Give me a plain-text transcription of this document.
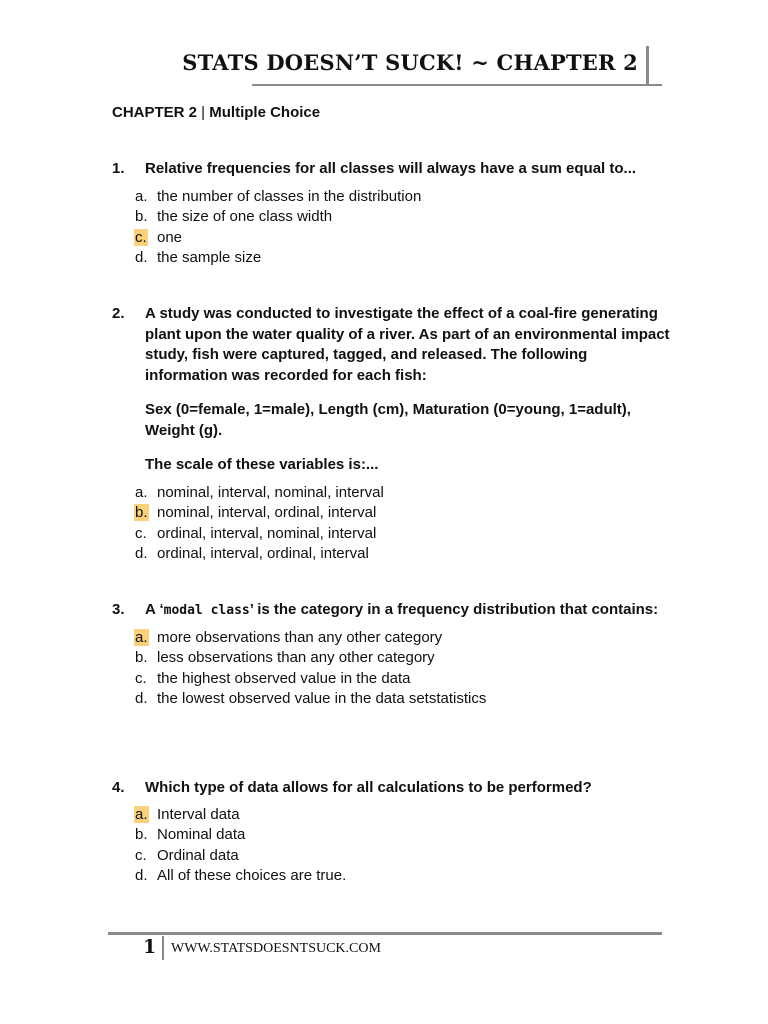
STATS DOESN’T SUCK! ~ CHAPTER 2
CHAPTER 2 | Multiple Choice
1.	Relative frequencies for all classes will always have a sum equal to...
a. the number of classes in the distribution
b. the size of one class width
c. one
d. the sample size
2.	A study was conducted to investigate the effect of a coal-fire generating plant upon the water quality of a river. As part of an environmental impact study, fish were captured, tagged, and released. The following information was recorded for each fish:
Sex (0=female, 1=male), Length (cm), Maturation (0=young, 1=adult), Weight (g).
The scale of these variables is:...
a. nominal, interval, nominal, interval
b. nominal, interval, ordinal, interval
c. ordinal, interval, nominal, interval
d. ordinal, interval, ordinal, interval
3.	A ‘modal class’ is the category in a frequency distribution that contains:
a. more observations than any other category
b. less observations than any other category
c. the highest observed value in the data
d. the lowest observed value in the data setstatistics
4.	Which type of data allows for all calculations to be performed?
a. Interval data
b. Nominal data
c. Ordinal data
d. All of these choices are true.
1 WWW.STATSDOESNTSUCK.COM
